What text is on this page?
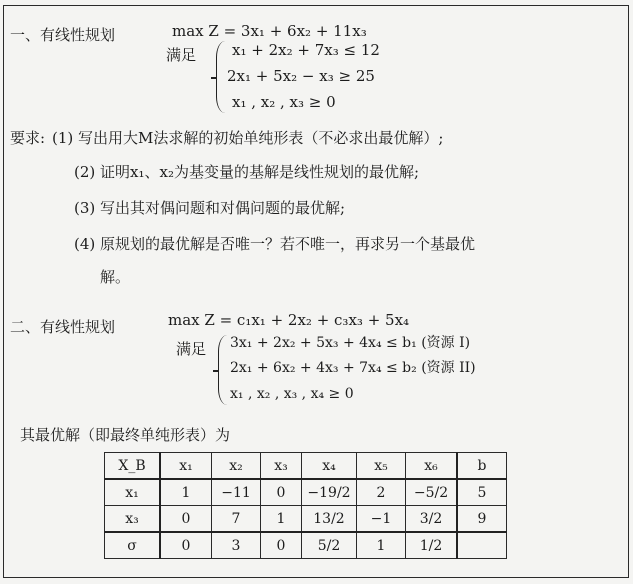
一、有线性规划	max Z = 3x₁ + 6x₂ + 11x₃
满足 x₁ + 2x₂ + 7x₃ ≤ 12
2x₁ + 5x₂ − x₃ ≥ 25
x₁ , x₂ , x₃ ≥ 0
要求: (1) 写出用大M法求解的初始单纯形表（不必求出最优解）;
(2) 证明x₁、x₂为基变量的基解是线性规划的最优解;
(3) 写出其对偶问题和对偶问题的最优解;
(4) 原规划的最优解是否唯一？若不唯一，再求另一个基最优
解。
二、有线性规划	max Z = c₁x₁ + 2x₂ + c₃x₃ + 5x₄
满足 3x₁ + 2x₂ + 5x₃ + 4x₄ ≤ b₁ (资源 I)
2x₁ + 6x₂ + 4x₃ + 7x₄ ≤ b₂ (资源 II)
x₁ , x₂ , x₃ , x₄ ≥ 0
其最优解（即最终单纯形表）为
X_B	x₁	x₂	x₃	x₄	x₅	x₆	b
x₁	1	−11	0	−19/2	2	−5/2	5
x₃	0	7	1	13/2	−1	3/2	9
σ	0	3	0	5/2	1	1/2	
